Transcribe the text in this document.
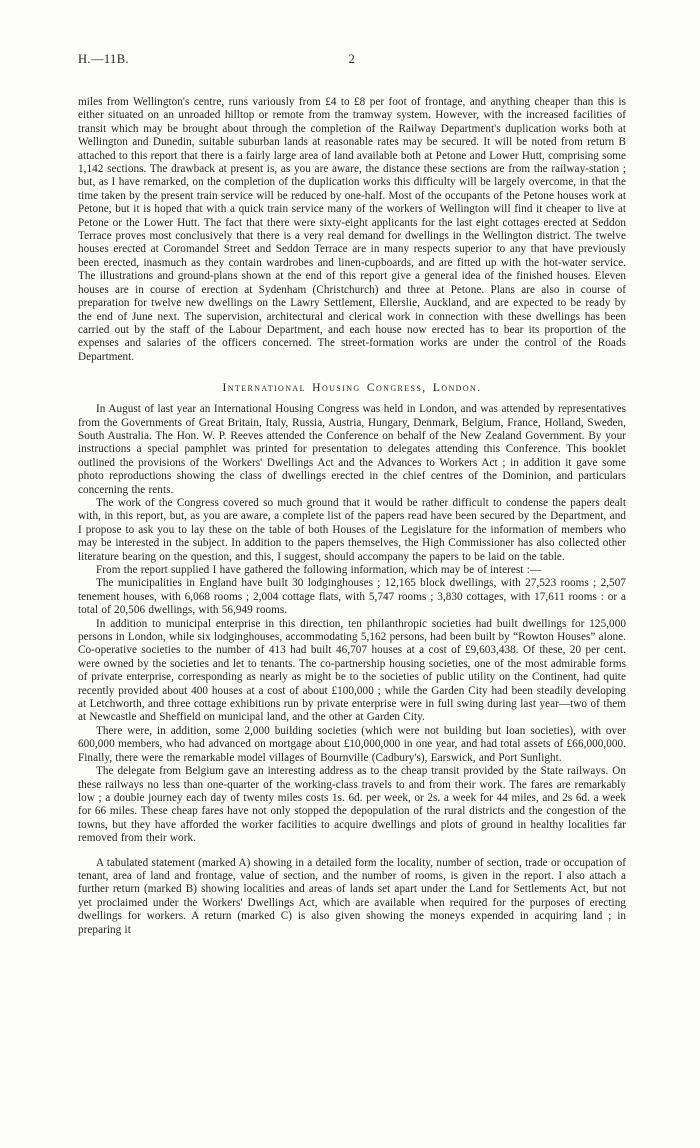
H.—11B.	2

miles from Wellington's centre, runs variously from £4 to £8 per foot of frontage, and anything cheaper than this is either situated on an unroaded hilltop or remote from the tramway system. However, with the increased facilities of transit which may be brought about through the completion of the Railway Department's duplication works both at Wellington and Dunedin, suitable suburban lands at reasonable rates may be secured. It will be noted from return B attached to this report that there is a fairly large area of land available both at Petone and Lower Hutt, comprising some 1,142 sections. The drawback at present is, as you are aware, the distance these sections are from the railway-station ; but, as I have remarked, on the completion of the duplication works this difficulty will be largely overcome, in that the time taken by the present train service will be reduced by one-half. Most of the occupants of the Petone houses work at Petone, but it is hoped that with a quick train service many of the workers of Wellington will find it cheaper to live at Petone or the Lower Hutt. The fact that there were sixty-eight applicants for the last eight cottages erected at Seddon Terrace proves most conclusively that there is a very real demand for dwellings in the Wellington district. The twelve houses erected at Coromandel Street and Seddon Terrace are in many respects superior to any that have previously been erected, inasmuch as they contain wardrobes and linen-cupboards, and are fitted up with the hot-water service. The illustrations and ground-plans shown at the end of this report give a general idea of the finished houses. Eleven houses are in course of erection at Sydenham (Christchurch) and three at Petone. Plans are also in course of preparation for twelve new dwellings on the Lawry Settlement, Ellerslie, Auckland, and are expected to be ready by the end of June next. The supervision, architectural and clerical work in connection with these dwellings has been carried out by the staff of the Labour Department, and each house now erected has to bear its proportion of the expenses and salaries of the officers concerned. The street-formation works are under the control of the Roads Department.

International Housing Congress, London.

In August of last year an International Housing Congress was held in London, and was attended by representatives from the Governments of Great Britain, Italy, Russia, Austria, Hungary, Denmark, Belgium, France, Holland, Sweden, South Australia. The Hon. W. P. Reeves attended the Conference on behalf of the New Zealand Government. By your instructions a special pamphlet was printed for presentation to delegates attending this Conference. This booklet outlined the provisions of the Workers' Dwellings Act and the Advances to Workers Act ; in addition it gave some photo reproductions showing the class of dwellings erected in the chief centres of the Dominion, and particulars concerning the rents.

The work of the Congress covered so much ground that it would be rather difficult to condense the papers dealt with, in this report, but, as you are aware, a complete list of the papers read have been secured by the Department, and I propose to ask you to lay these on the table of both Houses of the Legislature for the information of members who may be interested in the subject. In addition to the papers themselves, the High Commissioner has also collected other literature bearing on the question, and this, I suggest, should accompany the papers to be laid on the table.

From the report supplied I have gathered the following information, which may be of interest :—

The municipalities in England have built 30 lodginghouses ; 12,165 block dwellings, with 27,523 rooms ; 2,507 tenement houses, with 6,068 rooms ; 2,004 cottage flats, with 5,747 rooms ; 3,830 cottages, with 17,611 rooms : or a total of 20,506 dwellings, with 56,949 rooms.

In addition to municipal enterprise in this direction, ten philanthropic societies had built dwellings for 125,000 persons in London, while six lodginghouses, accommodating 5,162 persons, had been built by “Rowton Houses” alone. Co-operative societies to the number of 413 had built 46,707 houses at a cost of £9,603,438. Of these, 20 per cent. were owned by the societies and let to tenants. The co-partnership housing societies, one of the most admirable forms of private enterprise, corresponding as nearly as might be to the societies of public utility on the Continent, had quite recently provided about 400 houses at a cost of about £100,000 ; while the Garden City had been steadily developing at Letchworth, and three cottage exhibitions run by private enterprise were in full swing during last year—two of them at Newcastle and Sheffield on municipal land, and the other at Garden City.

There were, in addition, some 2,000 building societies (which were not building but loan societies), with over 600,000 members, who had advanced on mortgage about £10,000,000 in one year, and had total assets of £66,000,000. Finally, there were the remarkable model villages of Bournville (Cadbury's), Earswick, and Port Sunlight.

The delegate from Belgium gave an interesting address as to the cheap transit provided by the State railways. On these railways no less than one-quarter of the working-class travels to and from their work. The fares are remarkably low ; a double journey each day of twenty miles costs 1s. 6d. per week, or 2s. a week for 44 miles, and 2s 6d. a week for 66 miles. These cheap fares have not only stopped the depopulation of the rural districts and the congestion of the towns, but they have afforded the worker facilities to acquire dwellings and plots of ground in healthy localities far removed from their work.

A tabulated statement (marked A) showing in a detailed form the locality, number of section, trade or occupation of tenant, area of land and frontage, value of section, and the number of rooms, is given in the report. I also attach a further return (marked B) showing localities and areas of lands set apart under the Land for Settlements Act, but not yet proclaimed under the Workers' Dwellings Act, which are available when required for the purposes of erecting dwellings for workers. A return (marked C) is also given showing the moneys expended in acquiring land ; in preparing it
